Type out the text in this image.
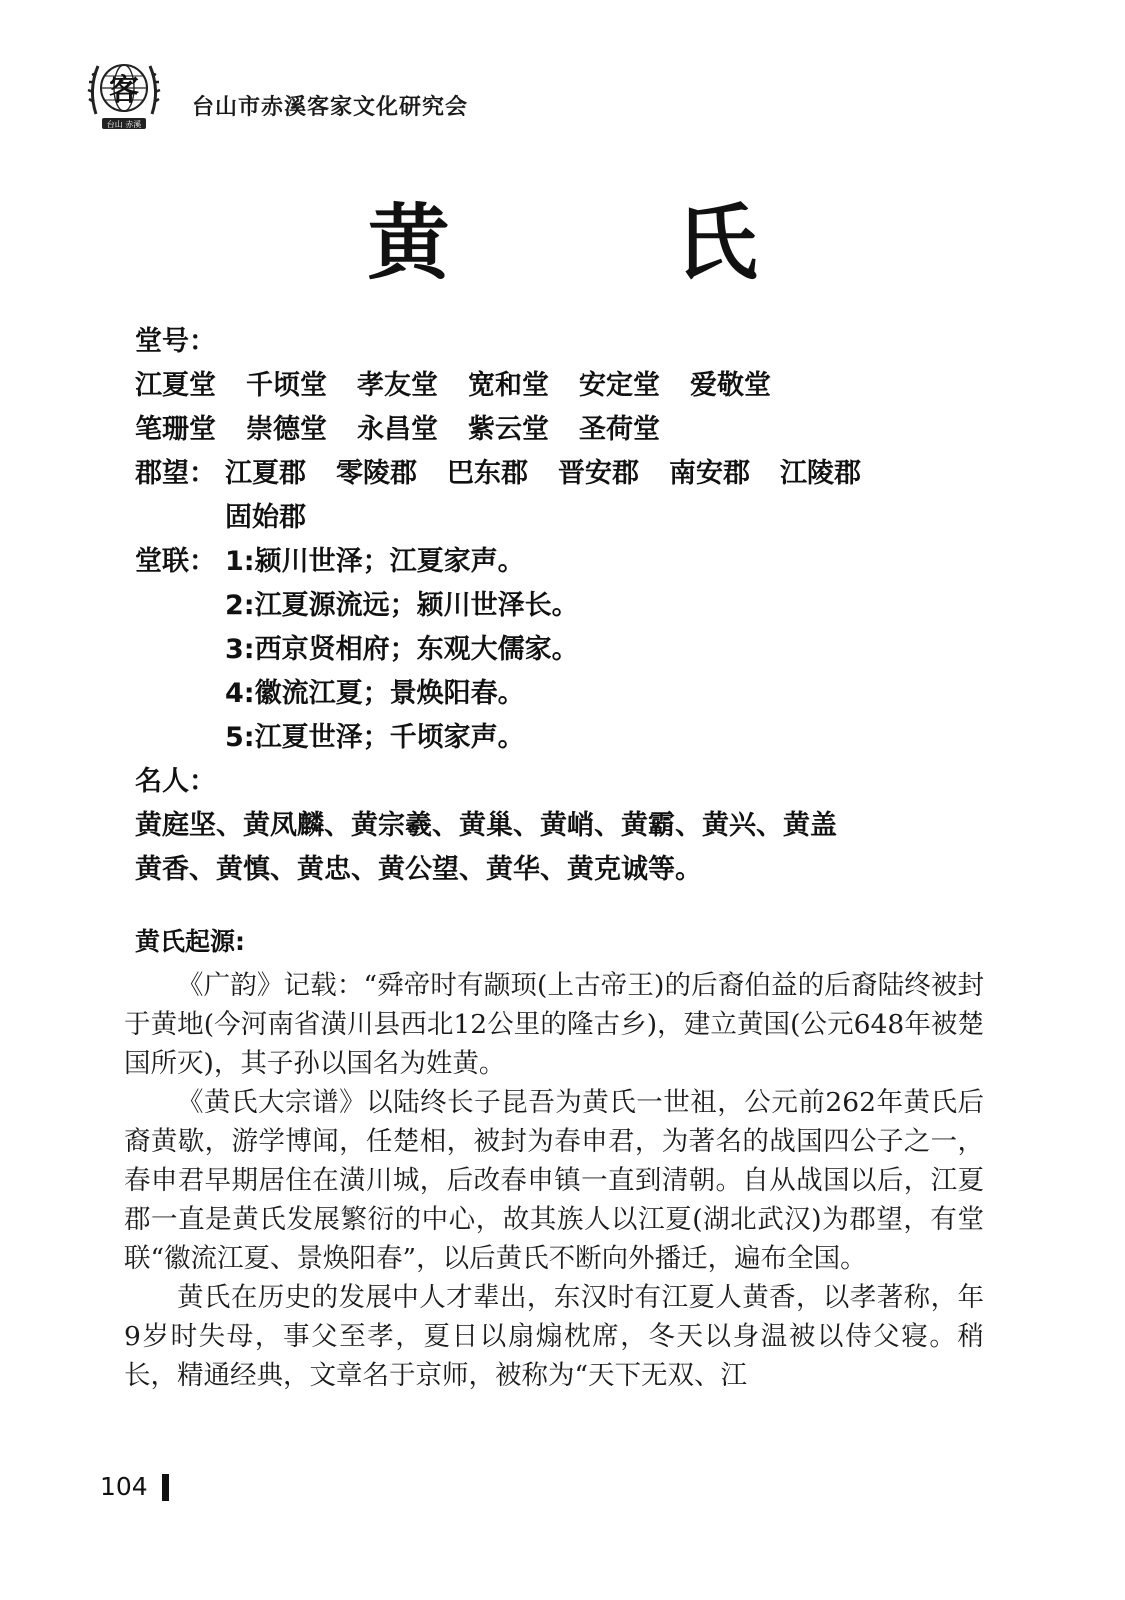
客
台山 赤溪
台山市赤溪客家文化研究会
黄　氏
堂号：
江夏堂 千顷堂 孝友堂 宽和堂 安定堂 爱敬堂
笔珊堂 崇德堂 永昌堂 紫云堂 圣荷堂
郡望： 江夏郡 零陵郡 巴东郡 晋安郡 南安郡 江陵郡
固始郡
堂联： 1:颍川世泽；江夏家声。
2:江夏源流远；颍川世泽长。
3:西京贤相府；东观大儒家。
4:徽流江夏；景焕阳春。
5:江夏世泽；千顷家声。
名人：
黄庭坚、黄凤麟、黄宗羲、黄巢、黄峭、黄霸、黄兴、黄盖
黄香、黄慎、黄忠、黄公望、黄华、黄克诚等。
黄氏起源:

《广韵》记载：“舜帝时有颛顼(上古帝王)的后裔伯益的后裔陆终被封于黄地(今河南省潢川县西北12公里的隆古乡)，建立黄国(公元648年被楚国所灭)，其子孙以国名为姓黄。

《黄氏大宗谱》以陆终长子昆吾为黄氏一世祖，公元前262年黄氏后裔黄歇，游学博闻，任楚相，被封为春申君，为著名的战国四公子之一，春申君早期居住在潢川城，后改春申镇一直到清朝。自从战国以后，江夏郡一直是黄氏发展繁衍的中心，故其族人以江夏(湖北武汉)为郡望，有堂联“徽流江夏、景焕阳春”，以后黄氏不断向外播迁，遍布全国。

黄氏在历史的发展中人才辈出，东汉时有江夏人黄香，以孝著称，年9岁时失母，事父至孝，夏日以扇煽枕席，冬天以身温被以侍父寝。稍长，精通经典，文章名于京师，被称为“天下无双、江

104
